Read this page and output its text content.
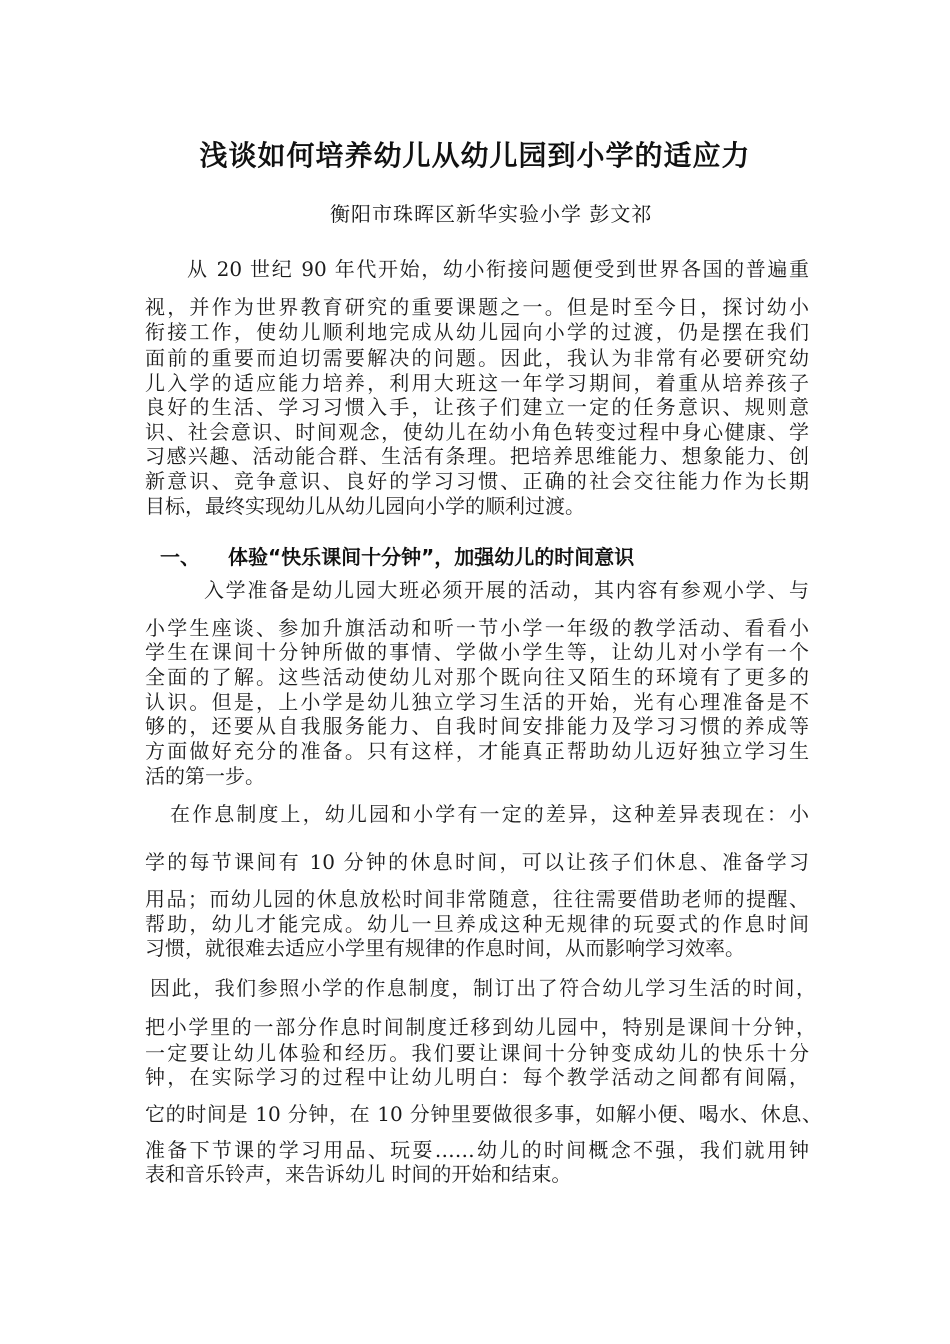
浅谈如何培养幼儿从幼儿园到小学的适应力
衡阳市珠晖区新华实验小学 彭文祁
从 20 世纪 90 年代开始，幼小衔接问题便受到世界各国的普遍重
视，并作为世界教育研究的重要课题之一。但是时至今日，探讨幼小
衔接工作，使幼儿顺利地完成从幼儿园向小学的过渡，仍是摆在我们
面前的重要而迫切需要解决的问题。因此，我认为非常有必要研究幼
儿入学的适应能力培养，利用大班这一年学习期间，着重从培养孩子
良好的生活、学习习惯入手，让孩子们建立一定的任务意识、规则意
识、社会意识、时间观念，使幼儿在幼小角色转变过程中身心健康、学
习感兴趣、活动能合群、生活有条理。把培养思维能力、想象能力、创
新意识、竞争意识、良好的学习习惯、正确的社会交往能力作为长期
目标，最终实现幼儿从幼儿园向小学的顺利过渡。
一、 体验“快乐课间十分钟”，加强幼儿的时间意识
入学准备是幼儿园大班必须开展的活动，其内容有参观小学、与
小学生座谈、参加升旗活动和听一节小学一年级的教学活动、看看小
学生在课间十分钟所做的事情、学做小学生等，让幼儿对小学有一个
全面的了解。这些活动使幼儿对那个既向往又陌生的环境有了更多的
认识。但是，上小学是幼儿独立学习生活的开始，光有心理准备是不
够的，还要从自我服务能力、自我时间安排能力及学习习惯的养成等
方面做好充分的准备。只有这样，才能真正帮助幼儿迈好独立学习生
活的第一步。
在作息制度上，幼儿园和小学有一定的差异，这种差异表现在：小
学的每节课间有 10 分钟的休息时间，可以让孩子们休息、准备学习
用品；而幼儿园的休息放松时间非常随意，往往需要借助老师的提醒、
帮助，幼儿才能完成。幼儿一旦养成这种无规律的玩耍式的作息时间
习惯，就很难去适应小学里有规律的作息时间，从而影响学习效率。
因此，我们参照小学的作息制度，制订出了符合幼儿学习生活的时间，
把小学里的一部分作息时间制度迁移到幼儿园中，特别是课间十分钟，
一定要让幼儿体验和经历。我们要让课间十分钟变成幼儿的快乐十分
钟，在实际学习的过程中让幼儿明白：每个教学活动之间都有间隔，
它的时间是 10 分钟，在 10 分钟里要做很多事，如解小便、喝水、休息、
准备下节课的学习用品、玩耍……幼儿的时间概念不强，我们就用钟
表和音乐铃声，来告诉幼儿 时间的开始和结束。
